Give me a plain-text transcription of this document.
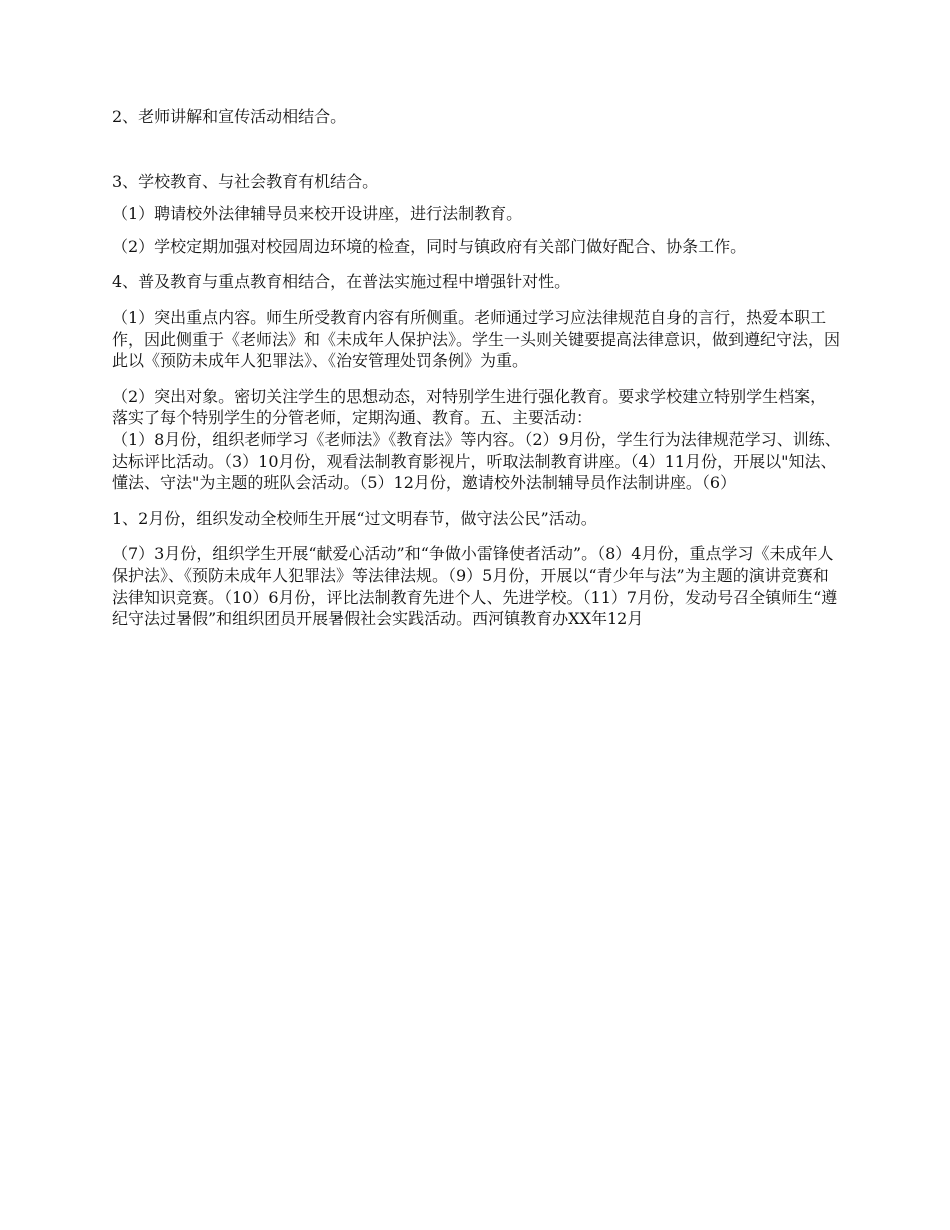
2、老师讲解和宣传活动相结合。

3、学校教育、与社会教育有机结合。

（1）聘请校外法律辅导员来校开设讲座，进行法制教育。

（2）学校定期加强对校园周边环境的检查，同时与镇政府有关部门做好配合、协条工作。

4、普及教育与重点教育相结合，在普法实施过程中增强针对性。

（1）突出重点内容。师生所受教育内容有所侧重。老师通过学习应法律规范自身的言行，热爱本职工作，因此侧重于《老师法》和《未成年人保护法》。学生一头则关键要提高法律意识，做到遵纪守法，因此以《预防未成年人犯罪法》、《治安管理处罚条例》为重。

（2）突出对象。密切关注学生的思想动态，对特别学生进行强化教育。要求学校建立特别学生档案，落实了每个特别学生的分管老师，定期沟通、教育。五、主要活动：

（1）8月份，组织老师学习《老师法》《教育法》等内容。（2）9月份，学生行为法律规范学习、训练、达标评比活动。（3）10月份，观看法制教育影视片，听取法制教育讲座。（4）11月份，开展以"知法、懂法、守法"为主题的班队会活动。（5）12月份，邀请校外法制辅导员作法制讲座。（6）

1、2月份，组织发动全校师生开展“过文明春节，做守法公民”活动。

（7）3月份，组织学生开展“献爱心活动”和“争做小雷锋使者活动”。（8）4月份，重点学习《未成年人保护法》、《预防未成年人犯罪法》等法律法规。（9）5月份，开展以“青少年与法”为主题的演讲竞赛和法律知识竞赛。（10）6月份，评比法制教育先进个人、先进学校。（11）7月份，发动号召全镇师生“遵纪守法过暑假”和组织团员开展暑假社会实践活动。西河镇教育办XX年12月
